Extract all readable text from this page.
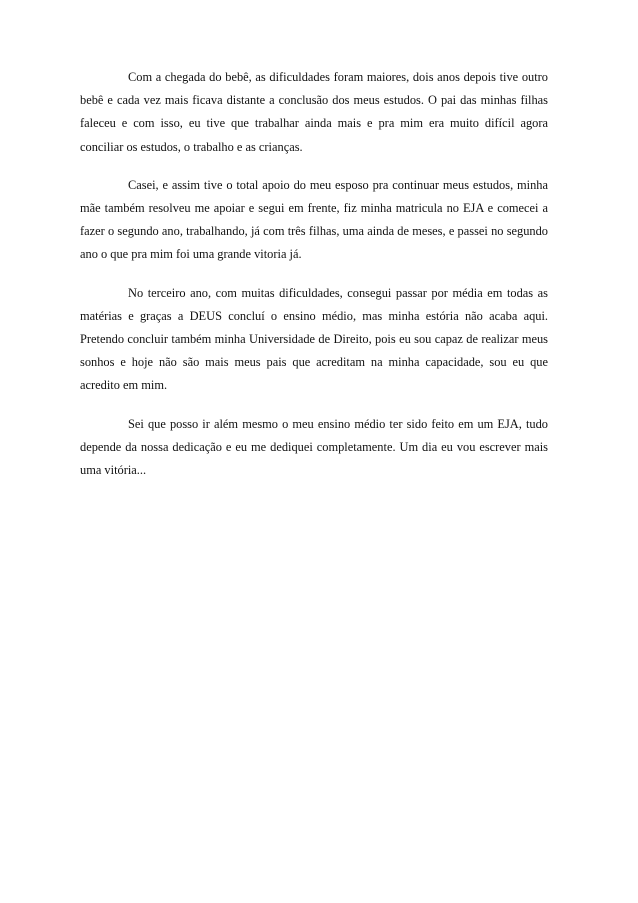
Com a chegada do bebê, as dificuldades foram maiores, dois anos depois tive outro bebê e cada vez mais ficava distante a conclusão dos meus estudos. O pai das minhas filhas faleceu e com isso, eu tive que trabalhar ainda mais e pra mim era muito difícil agora conciliar os estudos, o trabalho e as crianças.

Casei, e assim tive o total apoio do meu esposo pra continuar meus estudos, minha mãe também resolveu me apoiar e segui em frente, fiz minha matricula no EJA e comecei a fazer o segundo ano, trabalhando, já com três filhas, uma ainda de meses, e passei no segundo ano o que pra mim foi uma grande vitoria já.

No terceiro ano, com muitas dificuldades, consegui passar por média em todas as matérias e graças a DEUS concluí o ensino médio, mas minha estória não acaba aqui. Pretendo concluir também minha Universidade de Direito, pois eu sou capaz de realizar meus sonhos e hoje não são mais meus pais que acreditam na minha capacidade, sou eu que acredito em mim.

Sei que posso ir além mesmo o meu ensino médio ter sido feito em um EJA, tudo depende da nossa dedicação e eu me dediquei completamente. Um dia eu vou escrever mais uma vitória...
